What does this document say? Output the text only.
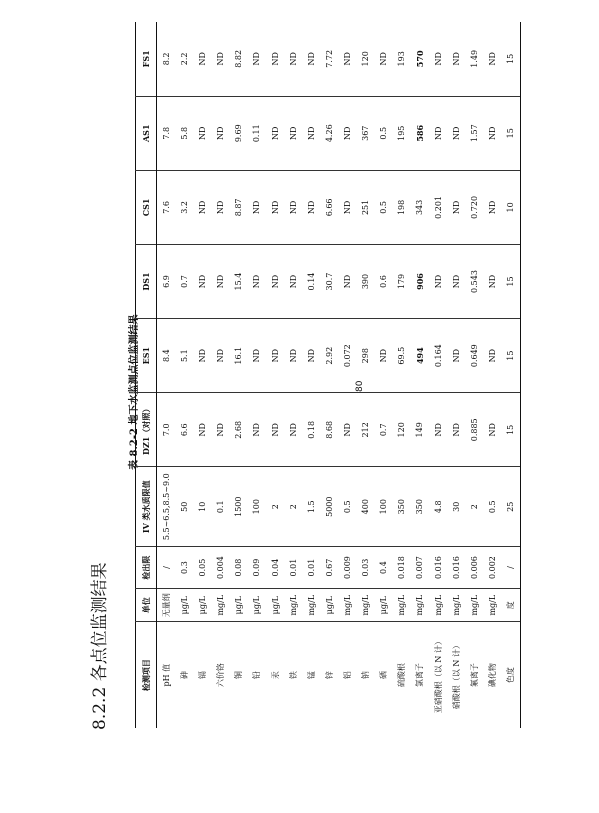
8.2.2 各点位监测结果
表 8.2-2 地下水监测点位监测结果
检测项目	单位	检出限	IV 类水质限值	DZ1（对照）	ES1	DS1	CS1	AS1	FS1
pH 值	无量纲	/	5.5~6.5,8.5~9.0	7.0	8.4	6.9	7.6	7.8	8.2
砷	μg/L	0.3	50	6.6	5.1	0.7	3.2	5.8	2.2
镉	μg/L	0.05	10	ND	ND	ND	ND	ND	ND
六价铬	mg/L	0.004	0.1	ND	ND	ND	ND	ND	ND
铜	μg/L	0.08	1500	2.68	16.1	15.4	8.87	9.69	8.82
铅	μg/L	0.09	100	ND	ND	ND	ND	0.11	ND
汞	μg/L	0.04	2	ND	ND	ND	ND	ND	ND
铁	mg/L	0.01	2	ND	ND	ND	ND	ND	ND
锰	mg/L	0.01	1.5	0.18	ND	0.14	ND	ND	ND
锌	μg/L	0.67	5000	8.68	2.92	30.7	6.66	4.26	7.72
铝	mg/L	0.009	0.5	ND	0.072	ND	ND	ND	ND
钠	mg/L	0.03	400	212	298	390	251	367	120
硒	μg/L	0.4	100	0.7	ND	0.6	0.5	0.5	ND
硫酸根	mg/L	0.018	350	120	69.5	179	198	195	193
氯离子	mg/L	0.007	350	149	494	906	343	586	570
亚硝酸根（以 N 计）	mg/L	0.016	4.8	ND	0.164	ND	0.201	ND	ND
硝酸根（以 N 计）	mg/L	0.016	30	ND	ND	ND	ND	ND	ND
氟离子	mg/L	0.006	2	0.885	0.649	0.543	0.720	1.57	1.49
碘化物	mg/L	0.002	0.5	ND	ND	ND	ND	ND	ND
色度	度	/	25	15	15	15	10	15	15
80
